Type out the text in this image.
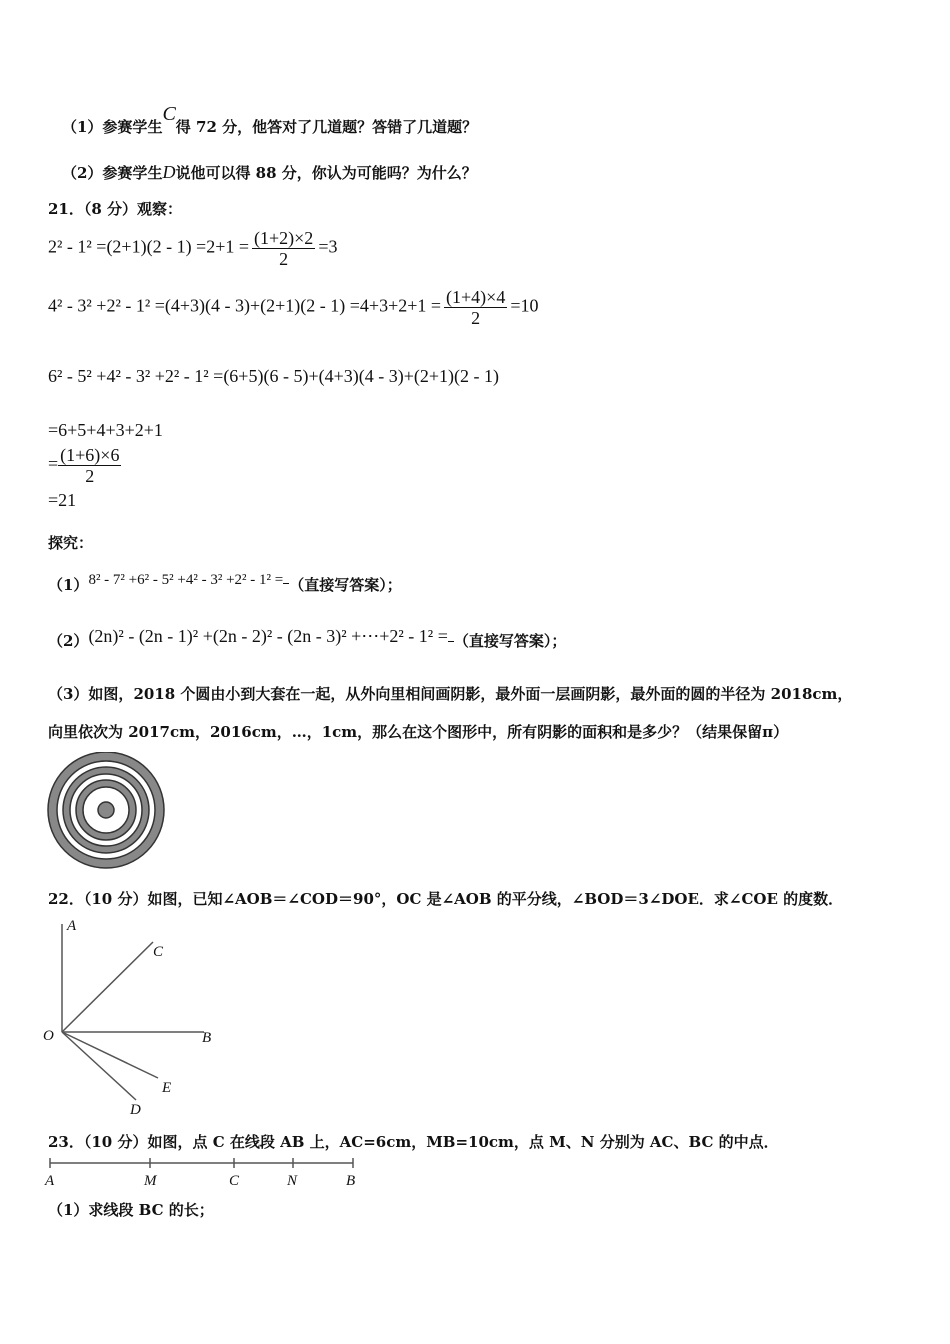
（1）参赛学生C得 72 分，他答对了几道题？答错了几道题？
（2）参赛学生D说他可以得 88 分，你认为可能吗？为什么？
21．（8 分）观察：
$2^2 - 1^2 =(2+1)(2 - 1) =2+1 = \frac{(1+2)\times 2}{2} =3$
$4^2 - 3^2 +2^2 - 1^2 =(4+3)(4 - 3)+(2+1)(2 - 1) =4+3+2+1 = \frac{(1+4)\times 4}{2} =10$
6² - 5² +4² - 3² +2² - 1² =(6+5)(6 - 5)+(4+3)(4 - 3)+(2+1)(2 - 1)
=6+5+4+3+2+1
= $\frac{(1+6)\times 6}{2}$
=21
探究：
（1）8² - 7² +6² - 5² +4² - 3² +2² - 1² = （直接写答案）；
（2）(2n)² - (2n - 1)² +(2n - 2)² - (2n - 3)² +⋯+2² - 1² = （直接写答案）；
（3）如图，2018 个圆由小到大套在一起，从外向里相间画阴影，最外面一层画阴影，最外面的圆的半径为 2018cm，
向里依次为 2017cm，2016cm，…，1cm，那么在这个图形中，所有阴影的面积和是多少？（结果保留π）
22．（10 分）如图，已知∠AOB＝∠COD＝90°，OC 是∠AOB 的平分线，∠BOD＝3∠DOE．求∠COE 的度数．
A
C
O	B
E
D
23．（10 分）如图，点 C 在线段 AB 上，AC=6cm，MB=10cm，点 M、N 分别为 AC、BC 的中点．
A	M	C	N	B
（1）求线段 BC 的长；
